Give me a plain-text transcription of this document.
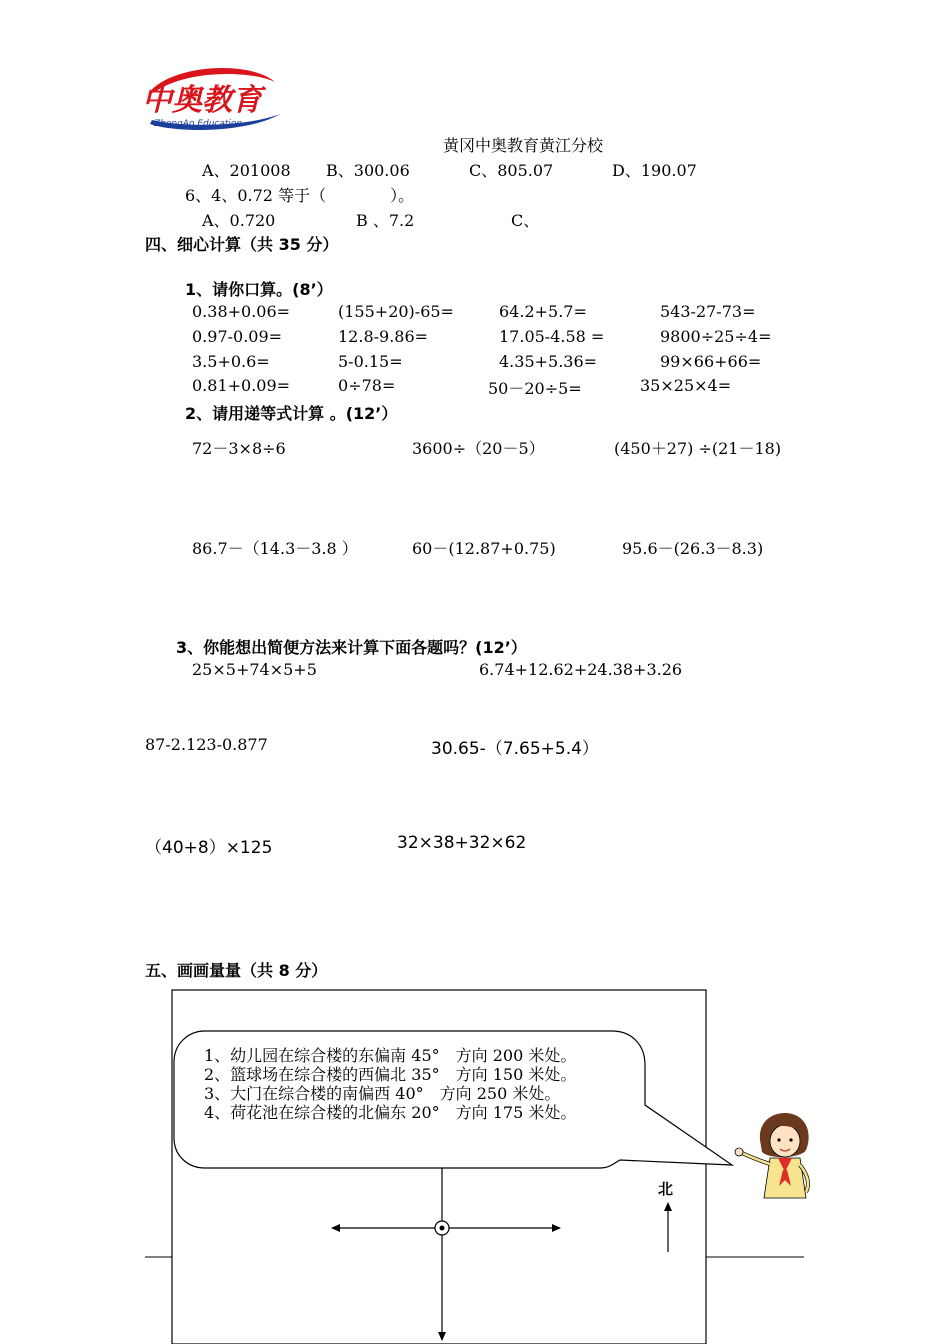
中奥教育
ZhongAo Education
黄冈中奥教育黄江分校
A、201008 B、300.06	C、805.07	D、190.07
6、4、0.72 等于（　　　　）。
A、0.720	B 、7.2	C、
四、细心计算（共 35 分）
1、请你口算。(8’）
0.38+0.06=	(155+20)-65=	64.2+5.7=	543-27-73=
0.97-0.09=	12.8-9.86=	17.05-4.58 =	9800÷25÷4=
3.5+0.6=	5-0.15=	4.35+5.36=	99×66+66=
0.81+0.09=	0÷78=	50－20÷5=	35×25×4=
2、请用递等式计算 。(12’）
72－3×8÷6	3600÷（20－5）	(450＋27) ÷(21－18)
86.7－（14.3－3.8 ）	60－(12.87+0.75)	95.6－(26.3－8.3)
3、你能想出简便方法来计算下面各题吗？(12’）
25×5+74×5+5	6.74+12.62+24.38+3.26
87-2.123-0.877	30.65-（7.65+5.4）
（40+8）×125	32×38+32×62
五、画画量量（共 8 分）
北
1、幼儿园在综合楼的东偏南 45°　方向 200 米处。
2、篮球场在综合楼的西偏北 35°　方向 150 米处。
3、大门在综合楼的南偏西 40°　方向 250 米处。
4、荷花池在综合楼的北偏东 20°　方向 175 米处。
